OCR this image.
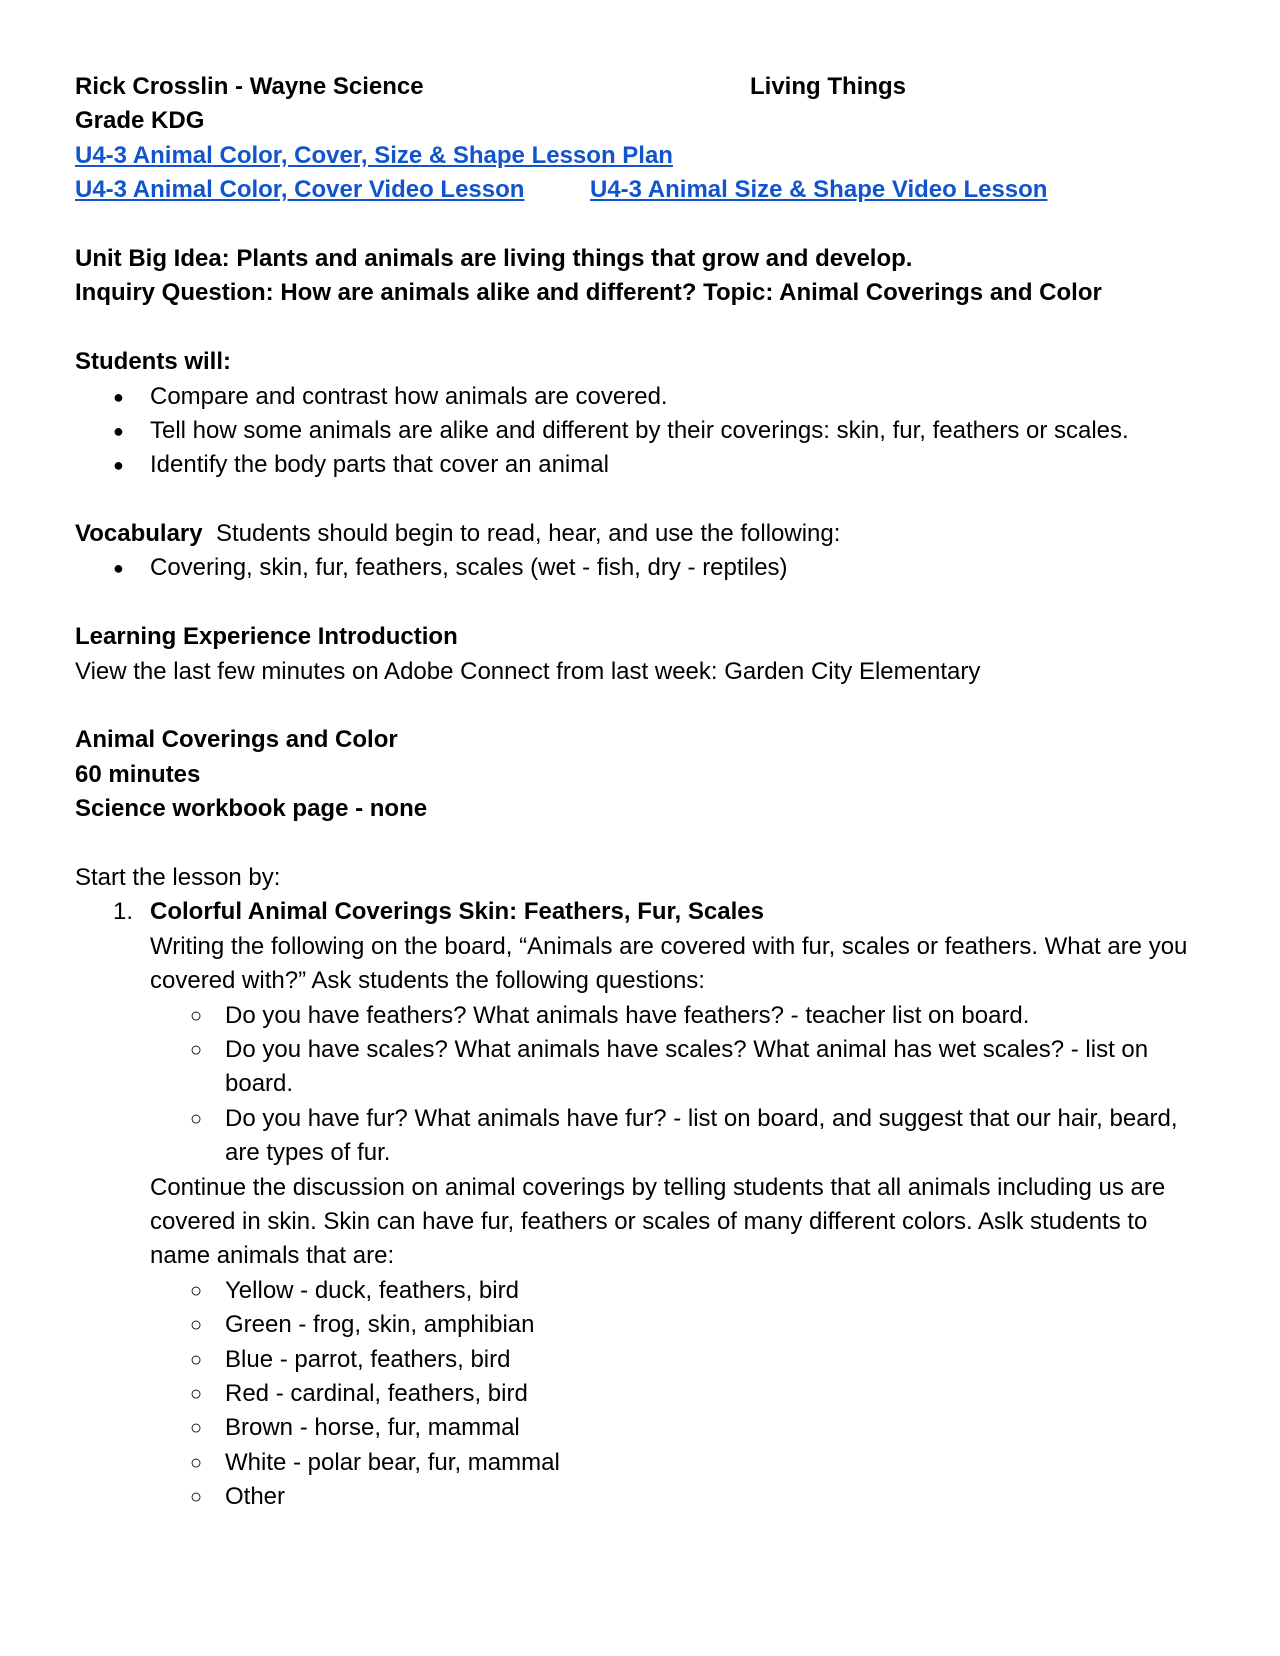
Rick Crosslin - Wayne Science	Living Things
Grade KDG
U4-3 Animal Color, Cover, Size & Shape Lesson Plan
U4-3 Animal Color, Cover Video Lesson	U4-3 Animal Size & Shape Video Lesson
Unit Big Idea: Plants and animals are living things that grow and develop.
Inquiry Question: How are animals alike and different? Topic: Animal Coverings and Color
Students will:
● Compare and contrast how animals are covered.
● Tell how some animals are alike and different by their coverings: skin, fur, feathers or scales.
● Identify the body parts that cover an animal
Vocabulary Students should begin to read, hear, and use the following:
● Covering, skin, fur, feathers, scales (wet - fish, dry - reptiles)
Learning Experience Introduction
View the last few minutes on Adobe Connect from last week: Garden City Elementary
Animal Coverings and Color
60 minutes
Science workbook page - none
Start the lesson by:
1. Colorful Animal Coverings Skin: Feathers, Fur, Scales
Writing the following on the board, “Animals are covered with fur, scales or feathers. What are you covered with?” Ask students the following questions:
○ Do you have feathers? What animals have feathers? - teacher list on board.
○ Do you have scales? What animals have scales? What animal has wet scales? - list on board.
○ Do you have fur? What animals have fur? - list on board, and suggest that our hair, beard, are types of fur.
Continue the discussion on animal coverings by telling students that all animals including us are covered in skin. Skin can have fur, feathers or scales of many different colors. Aslk students to name animals that are:
○ Yellow - duck, feathers, bird
○ Green - frog, skin, amphibian
○ Blue - parrot, feathers, bird
○ Red - cardinal, feathers, bird
○ Brown - horse, fur, mammal
○ White - polar bear, fur, mammal
○ Other
